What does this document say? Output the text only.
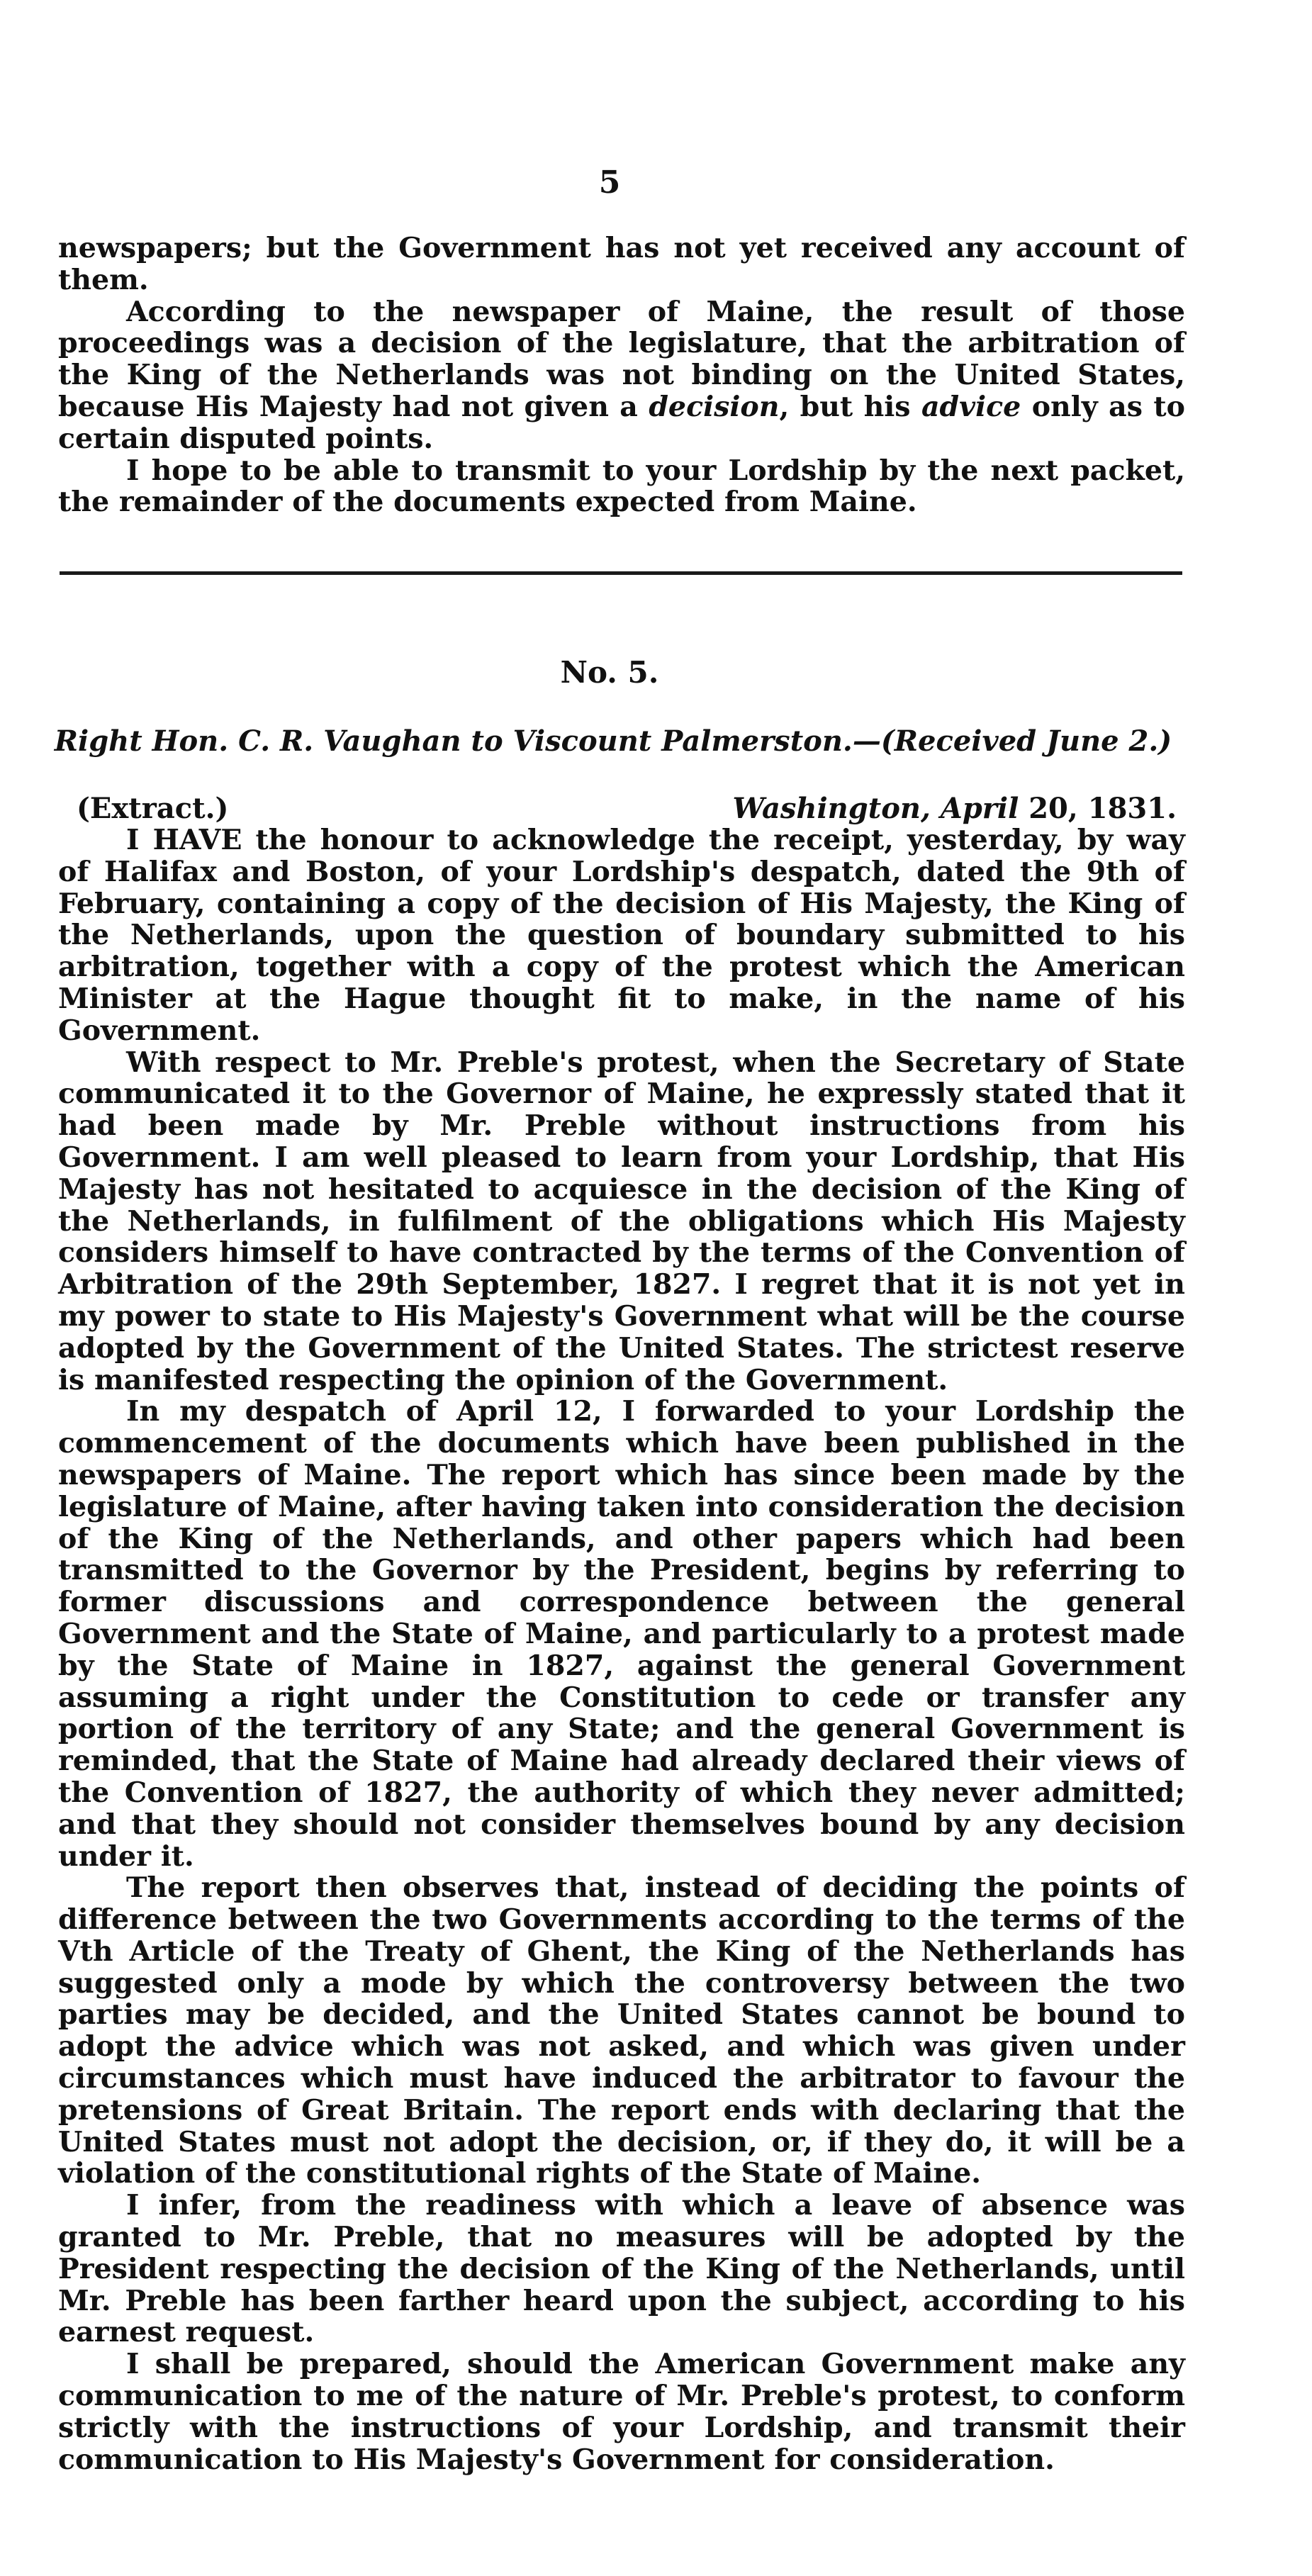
5

newspapers; but the Government has not yet received any account of them.

According to the newspaper of Maine, the result of those proceedings was a decision of the legislature, that the arbitration of the King of the Netherlands was not binding on the United States, because His Majesty had not given a decision, but his advice only as to certain disputed points.

I hope to be able to transmit to your Lordship by the next packet, the remainder of the documents expected from Maine.

No. 5.
Right Hon. C. R. Vaughan to Viscount Palmerston.—(Received June 2.)
(Extract.)	Washington, April 20, 1831.

I HAVE the honour to acknowledge the receipt, yesterday, by way of Halifax and Boston, of your Lordship's despatch, dated the 9th of February, containing a copy of the decision of His Majesty, the King of the Netherlands, upon the question of boundary submitted to his arbitration, together with a copy of the protest which the American Minister at the Hague thought fit to make, in the name of his Government.

With respect to Mr. Preble's protest, when the Secretary of State communicated it to the Governor of Maine, he expressly stated that it had been made by Mr. Preble without instructions from his Government. I am well pleased to learn from your Lordship, that His Majesty has not hesitated to acquiesce in the decision of the King of the Netherlands, in fulfilment of the obligations which His Majesty considers himself to have contracted by the terms of the Convention of Arbitration of the 29th September, 1827. I regret that it is not yet in my power to state to His Majesty's Government what will be the course adopted by the Government of the United States. The strictest reserve is manifested respecting the opinion of the Government.

In my despatch of April 12, I forwarded to your Lordship the commencement of the documents which have been published in the newspapers of Maine. The report which has since been made by the legislature of Maine, after having taken into consideration the decision of the King of the Netherlands, and other papers which had been transmitted to the Governor by the President, begins by referring to former discussions and correspondence between the general Government and the State of Maine, and particularly to a protest made by the State of Maine in 1827, against the general Government assuming a right under the Constitution to cede or transfer any portion of the territory of any State; and the general Government is reminded, that the State of Maine had already declared their views of the Convention of 1827, the authority of which they never admitted; and that they should not consider themselves bound by any decision under it.

The report then observes that, instead of deciding the points of difference between the two Governments according to the terms of the Vth Article of the Treaty of Ghent, the King of the Netherlands has suggested only a mode by which the controversy between the two parties may be decided, and the United States cannot be bound to adopt the advice which was not asked, and which was given under circumstances which must have induced the arbitrator to favour the pretensions of Great Britain. The report ends with declaring that the United States must not adopt the decision, or, if they do, it will be a violation of the constitutional rights of the State of Maine.

I infer, from the readiness with which a leave of absence was granted to Mr. Preble, that no measures will be adopted by the President respecting the decision of the King of the Netherlands, until Mr. Preble has been farther heard upon the subject, according to his earnest request.

I shall be prepared, should the American Government make any communication to me of the nature of Mr. Preble's protest, to conform strictly with the instructions of your Lordship, and transmit their communication to His Majesty's Government for consideration.
